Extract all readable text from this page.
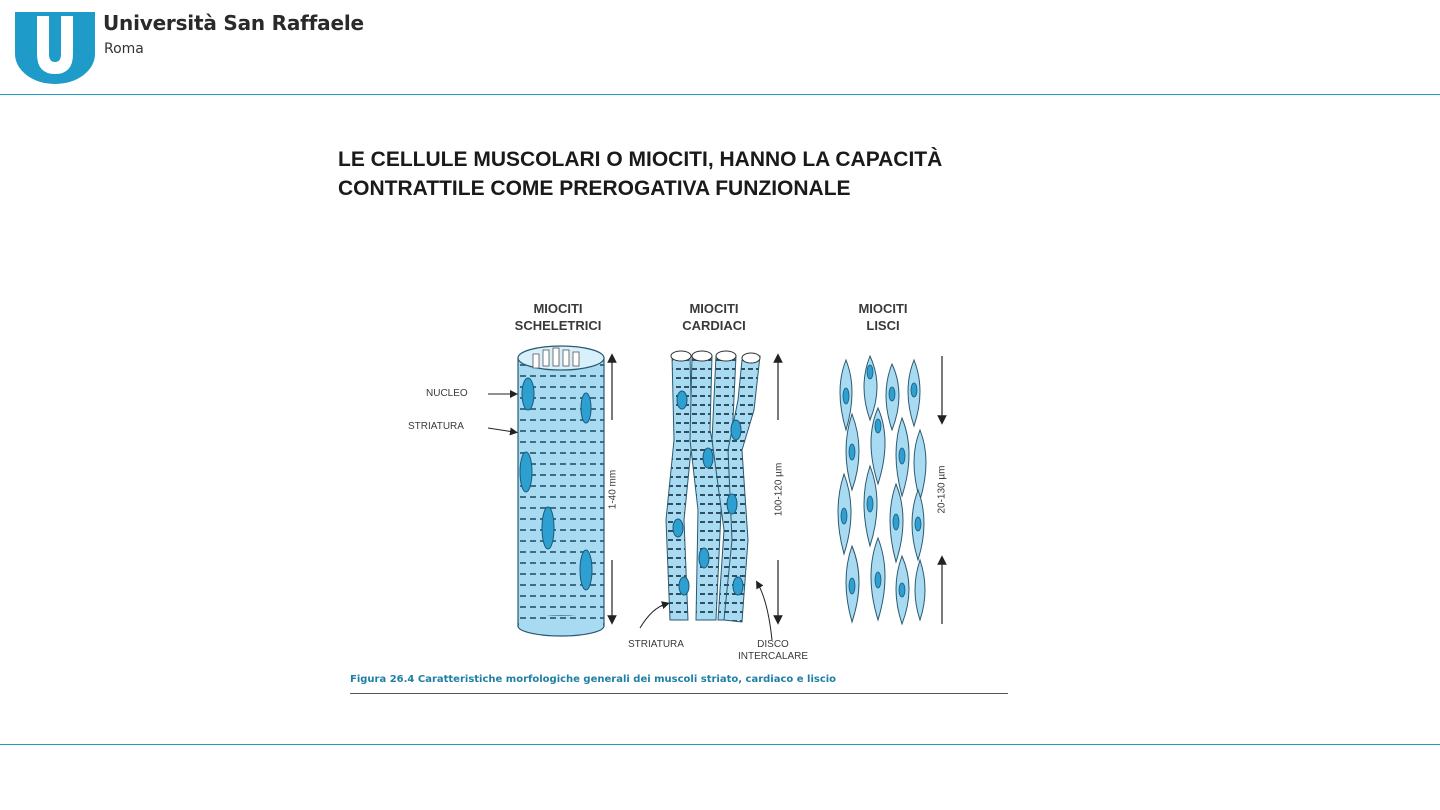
Università San Raffaele
Roma
LE CELLULE MUSCOLARI O MIOCITI, HANNO LA CAPACITÀ
CONTRATTILE COME PREROGATIVA FUNZIONALE
MIOCITI
SCHELETRICI
MIOCITI
CARDIACI
MIOCITI
LISCI
NUCLEO
STRIATURA
1-40 mm	100-120 µm	20-130 µm
STRIATURA	DISCO
INTERCALARE
Figura 26.4 Caratteristiche morfologiche generali dei muscoli striato, cardiaco e liscio
